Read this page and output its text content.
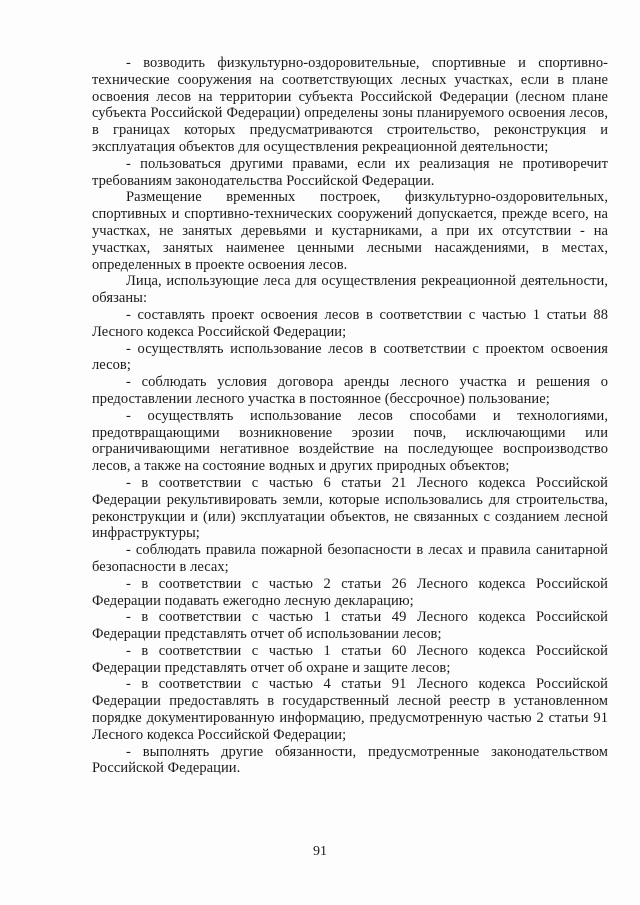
- возводить физкультурно-оздоровительные, спортивные и спортивно-технические сооружения на соответствующих лесных участках, если в плане освоения лесов на территории субъекта Российской Федерации (лесном плане субъекта Российской Федерации) определены зоны планируемого освоения лесов, в границах которых предусматриваются строительство, реконструкция и эксплуатация объектов для осуществления рекреационной деятельности;

- пользоваться другими правами, если их реализация не противоречит требованиям законодательства Российской Федерации.

Размещение временных построек, физкультурно-оздоровительных, спортивных и спортивно-технических сооружений допускается, прежде всего, на участках, не занятых деревьями и кустарниками, а при их отсутствии - на участках, занятых наименее ценными лесными насаждениями, в местах, определенных в проекте освоения лесов.

Лица, использующие леса для осуществления рекреационной деятельности, обязаны:

- составлять проект освоения лесов в соответствии с частью 1 статьи 88 Лесного кодекса Российской Федерации;

- осуществлять использование лесов в соответствии с проектом освоения лесов;

- соблюдать условия договора аренды лесного участка и решения о предоставлении лесного участка в постоянное (бессрочное) пользование;

- осуществлять использование лесов способами и технологиями, предотвращающими возникновение эрозии почв, исключающими или ограничивающими негативное воздействие на последующее воспроизводство лесов, а также на состояние водных и других природных объектов;

- в соответствии с частью 6 статьи 21 Лесного кодекса Российской Федерации рекультивировать земли, которые использовались для строительства, реконструкции и (или) эксплуатации объектов, не связанных с созданием лесной инфраструктуры;

- соблюдать правила пожарной безопасности в лесах и правила санитарной безопасности в лесах;

- в соответствии с частью 2 статьи 26 Лесного кодекса Российской Федерации подавать ежегодно лесную декларацию;

- в соответствии с частью 1 статьи 49 Лесного кодекса Российской Федерации представлять отчет об использовании лесов;

- в соответствии с частью 1 статьи 60 Лесного кодекса Российской Федерации представлять отчет об охране и защите лесов;

- в соответствии с частью 4 статьи 91 Лесного кодекса Российской Федерации предоставлять в государственный лесной реестр в установленном порядке документированную информацию, предусмотренную частью 2 статьи 91 Лесного кодекса Российской Федерации;

- выполнять другие обязанности, предусмотренные законодательством Российской Федерации.

91
